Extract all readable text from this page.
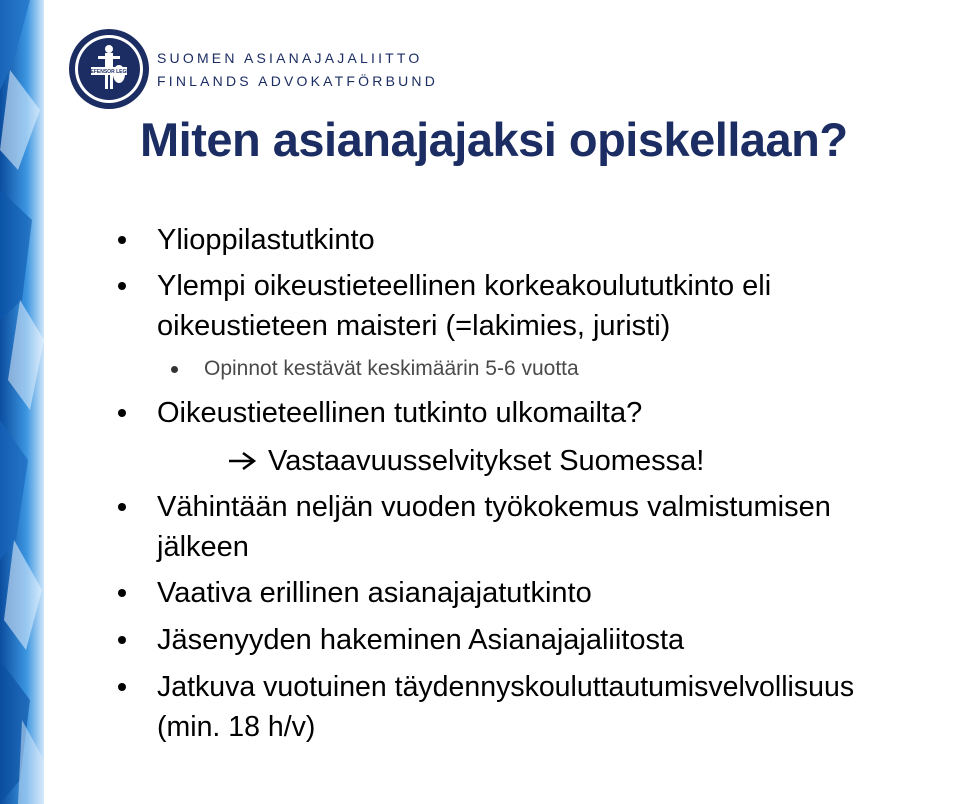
DEFENSOR LEGIS
SUOMEN ASIANAJAJALIITTO
FINLANDS ADVOKATFÖRBUND
Miten asianajajaksi opiskellaan?
Ylioppilastutkinto
Ylempi oikeustieteellinen korkeakoulututkinto eli
oikeustieteen maisteri (=lakimies, juristi)
Opinnot kestävät keskimäärin 5-6 vuotta
Oikeustieteellinen tutkinto ulkomailta?
Vastaavuusselvitykset Suomessa!
Vähintään neljän vuoden työkokemus valmistumisen
jälkeen
Vaativa erillinen asianajajatutkinto
Jäsenyyden hakeminen Asianajajaliitosta
Jatkuva vuotuinen täydennyskouluttautumisvelvollisuus
(min. 18 h/v)
